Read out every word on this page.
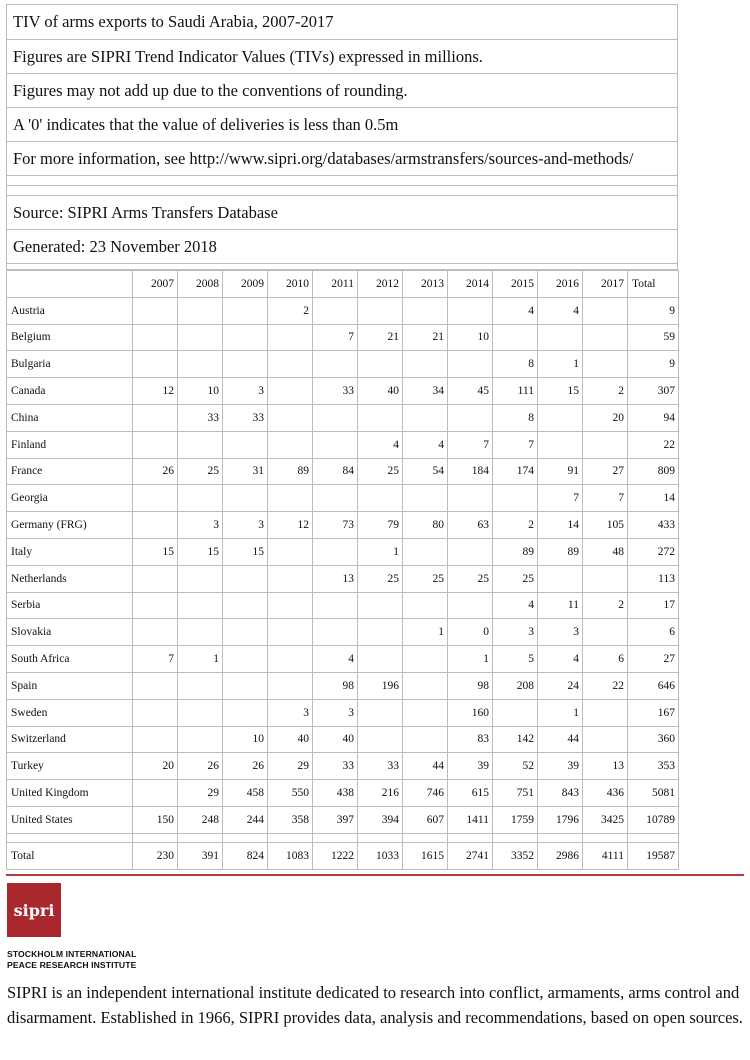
TIV of arms exports to Saudi Arabia, 2007-2017
Figures are SIPRI Trend Indicator Values (TIVs) expressed in millions.
Figures may not add up due to the conventions of rounding.
A '0' indicates that the value of deliveries is less than 0.5m
For more information, see http://www.sipri.org/databases/armstransfers/sources-and-methods/
Source: SIPRI Arms Transfers Database
Generated: 23 November 2018
	2007	2008	2009	2010	2011	2012	2013	2014	2015	2016	2017	Total
Austria				2					4	4		9
Belgium					7	21	21	10				59
Bulgaria									8	1		9
Canada	12	10	3		33	40	34	45	111	15	2	307
China		33	33						8		20	94
Finland						4	4	7	7			22
France	26	25	31	89	84	25	54	184	174	91	27	809
Georgia										7	7	14
Germany (FRG)		3	3	12	73	79	80	63	2	14	105	433
Italy	15	15	15			1			89	89	48	272
Netherlands					13	25	25	25	25			113
Serbia									4	11	2	17
Slovakia							1	0	3	3		6
South Africa	7	1			4			1	5	4	6	27
Spain					98	196		98	208	24	22	646
Sweden				3	3			160		1		167
Switzerland			10	40	40			83	142	44		360
Turkey	20	26	26	29	33	33	44	39	52	39	13	353
United Kingdom		29	458	550	438	216	746	615	751	843	436	5081
United States	150	248	244	358	397	394	607	1411	1759	1796	3425	10789

Total	230	391	824	1083	1222	1033	1615	2741	3352	2986	4111	19587
sipri
STOCKHOLM INTERNATIONAL
PEACE RESEARCH INSTITUTE
SIPRI is an independent international institute dedicated to research into conflict, armaments, arms control and disarmament. Established in 1966, SIPRI provides data, analysis and recommendations, based on open sources.
